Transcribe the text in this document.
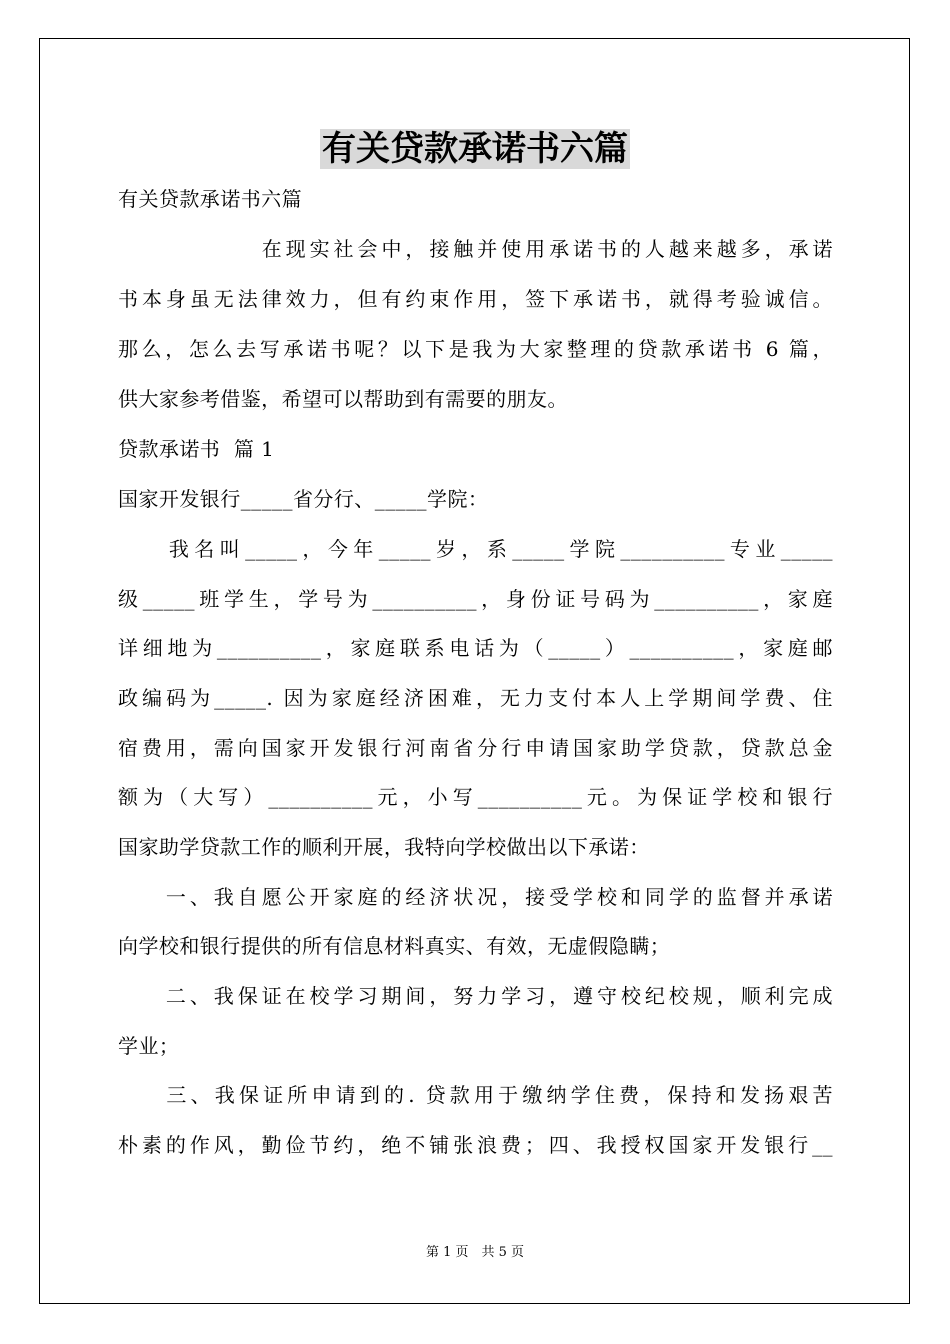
有关贷款承诺书六篇
有关贷款承诺书六篇
　　　　　　在现实社会中，接触并使用承诺书的人越来越多，承诺
书本身虽无法律效力，但有约束作用，签下承诺书，就得考验诚信。
那么，怎么去写承诺书呢？以下是我为大家整理的贷款承诺书 6 篇，
供大家参考借鉴，希望可以帮助到有需要的朋友。
贷款承诺书  篇 1
国家开发银行_____省分行、_____学院：
　　我名叫_____，今年_____岁，系_____学院__________专业_____
级_____班学生，学号为__________，身份证号码为__________，家庭
详细地为__________，家庭联系电话为（_____）__________，家庭邮
政编码为_____. 因为家庭经济困难，无力支付本人上学期间学费、住
宿费用，需向国家开发银行河南省分行申请国家助学贷款，贷款总金
额为（大写）__________元，小写__________元。为保证学校和银行
国家助学贷款工作的顺利开展，我特向学校做出以下承诺：
　　一、我自愿公开家庭的经济状况，接受学校和同学的监督并承诺
向学校和银行提供的所有信息材料真实、有效，无虚假隐瞒；
　　二、我保证在校学习期间，努力学习，遵守校纪校规，顺利完成
学业；
　　三、我保证所申请到的. 贷款用于缴纳学住费，保持和发扬艰苦
朴素的作风，勤俭节约，绝不铺张浪费；四、我授权国家开发银行__
第 1 页　共 5 页
